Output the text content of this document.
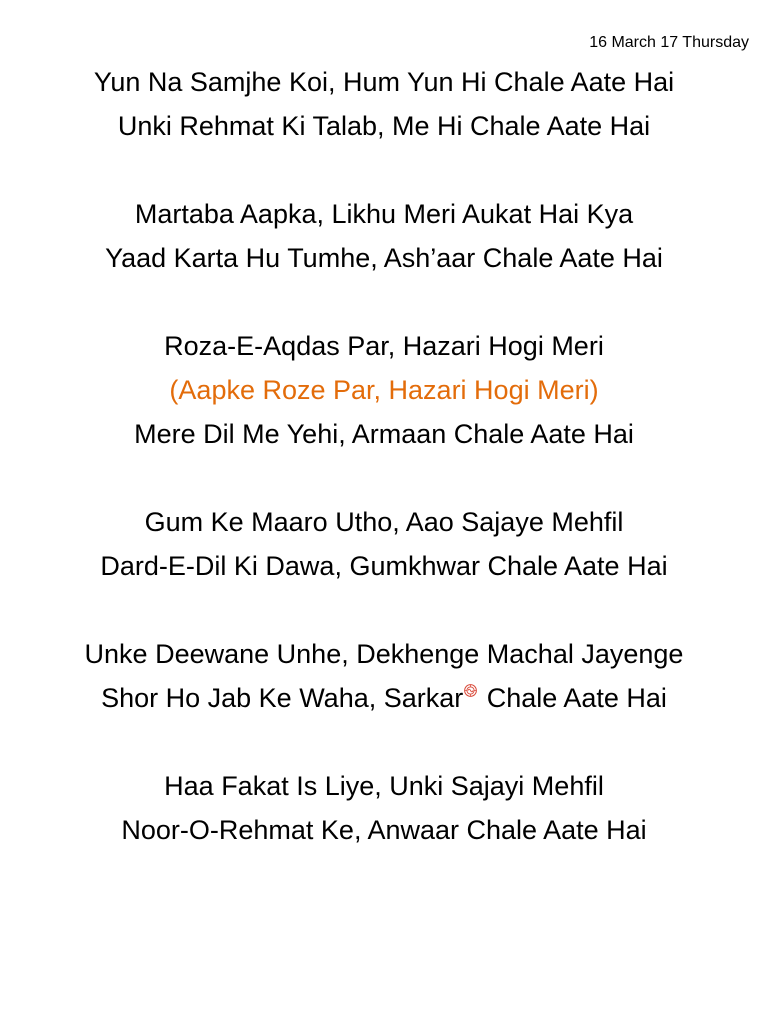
16 March 17 Thursday
Yun Na Samjhe Koi, Hum Yun Hi Chale Aate Hai
Unki Rehmat Ki Talab, Me Hi Chale Aate Hai
Martaba Aapka, Likhu Meri Aukat Hai Kya
Yaad Karta Hu Tumhe, Ash’aar Chale Aate Hai
Roza-E-Aqdas Par, Hazari Hogi Meri
(Aapke Roze Par, Hazari Hogi Meri)
Mere Dil Me Yehi, Armaan Chale Aate Hai
Gum Ke Maaro Utho, Aao Sajaye Mehfil
Dard-E-Dil Ki Dawa, Gumkhwar Chale Aate Hai
Unke Deewane Unhe, Dekhenge Machal Jayenge
Shor Ho Jab Ke Waha, Sarkar Chale Aate Hai
Haa Fakat Is Liye, Unki Sajayi Mehfil
Noor-O-Rehmat Ke, Anwaar Chale Aate Hai
